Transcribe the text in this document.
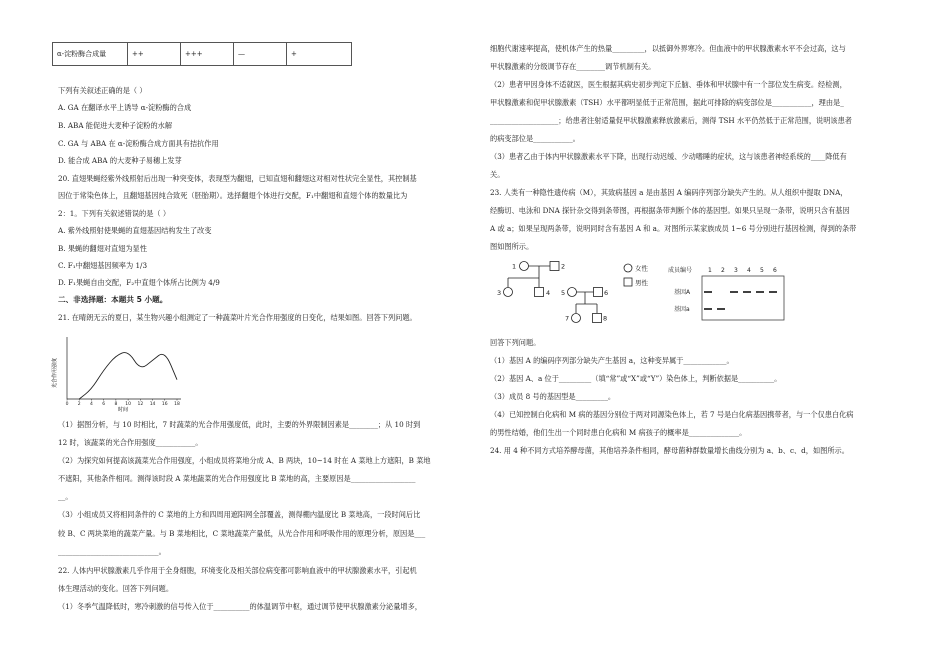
α-淀粉酶合成量	++	+++	—	+
下列有关叙述正确的是（ ）
A. GA 在翻译水平上诱导 α-淀粉酶的合成
B. ABA 能促进大麦种子淀粉的水解
C. GA 与 ABA 在 α-淀粉酶合成方面具有拮抗作用
D. 能合成 ABA 的大麦种子易穗上发芽
20. 直翅果蝇经紫外线照射后出现一种突变体，表现型为翻翅，已知直翅和翻翅这对相对性状完全显性，其控制基
因位于常染色体上，且翻翅基因纯合致死（胚胎期）。选择翻翅个体进行交配，F₁中翻翅和直翅个体的数量比为
2：1。下列有关叙述错误的是（ ）
A. 紫外线照射使果蝇的直翅基因结构发生了改变
B. 果蝇的翻翅对直翅为显性
C. F₁中翻翅基因频率为 1/3
D. F₁果蝇自由交配，F₂中直翅个体所占比例为 4/9
二、非选择题：本题共 5 小题。
21. 在晴朗无云的夏日，某生物兴趣小组测定了一种蔬菜叶片光合作用强度的日变化，结果如图。回答下列问题。
0 2 4 6 8 10 12 14 16 18
光合作用强度
时间
（1）据图分析，与 10 时相比，7 时蔬菜的光合作用强度低，此时，主要的外界限制因素是________；从 10 时到
12 时，该蔬菜的光合作用强度___________。
（2）为探究如何提高该蔬菜光合作用强度，小组成员将菜地分成 A、B 两块，10~14 时在 A 菜地上方遮阳，B 菜地
不遮阳，其他条件相同。测得该时段 A 菜地蔬菜的光合作用强度比 B 菜地的高，主要原因是__________________
__。
（3）小组成员又将相同条件的 C 菜地的上方和四周用遮阳网全部覆盖，测得棚内温度比 B 菜地高，一段时间后比
较 B、C 两块菜地的蔬菜产量。与 B 菜地相比，C 菜地蔬菜产量低，从光合作用和呼吸作用的原理分析，原因是___
____________________________。
22. 人体内甲状腺激素几乎作用于全身细胞，环境变化及相关部位病变都可影响血液中的甲状腺激素水平，引起机
体生理活动的变化。回答下列问题。
（1）冬季气温降低时，寒冷刺激的信号传入位于__________的体温调节中枢，通过调节使甲状腺激素分泌量增多，
细胞代谢速率提高，使机体产生的热量_________，以抵御外界寒冷。但血液中的甲状腺激素水平不会过高，这与
甲状腺激素的分级调节存在________调节机制有关。
（2）患者甲因身体不适就医，医生根据其病史初步判定下丘脑、垂体和甲状腺中有一个部位发生病变。经检测，
甲状腺激素和促甲状腺激素（TSH）水平都明显低于正常范围，据此可排除的病变部位是___________，理由是_
___________________；给患者注射适量促甲状腺激素释放激素后，测得 TSH 水平仍然低于正常范围，说明该患者
的病变部位是___________。
（3）患者乙由于体内甲状腺激素水平下降，出现行动迟缓、少动嗜睡的症状，这与该患者神经系统的____降低有
关。
23. 人类有一种隐性遗传病（M），其致病基因 a 是由基因 A 编码序列部分缺失产生的。从人组织中提取 DNA，
经酶切、电泳和 DNA 探针杂交得到条带图，再根据条带判断个体的基因型。如果只呈现一条带，说明只含有基因
A 或 a；如果呈现两条带，说明同时含有基因 A 和 a。对图所示某家族成员 1~6 号分别进行基因检测，得到的条带
图如图所示。
1	2
3	4 5	6
7	8
女性
男性
成员编号	1 2 3 4 5 6
基因A
基因a
回答下列问题。
（1）基因 A 的编码序列部分缺失产生基因 a，这种变异属于____________。
（2）基因 A、a 位于_________（填“常”或“X”或“Y”）染色体上，判断依据是__________。
（3）成员 8 号的基因型是_________。
（4）已知控制白化病和 M 病的基因分别位于两对同源染色体上，若 7 号是白化病基因携带者，与一个仅患白化病
的男性结婚，他们生出一个同时患白化病和 M 病孩子的概率是______________。
24. 用 4 种不同方式培养酵母菌，其他培养条件相同，酵母菌种群数量增长曲线分别为 a、b、c、d，如图所示。
